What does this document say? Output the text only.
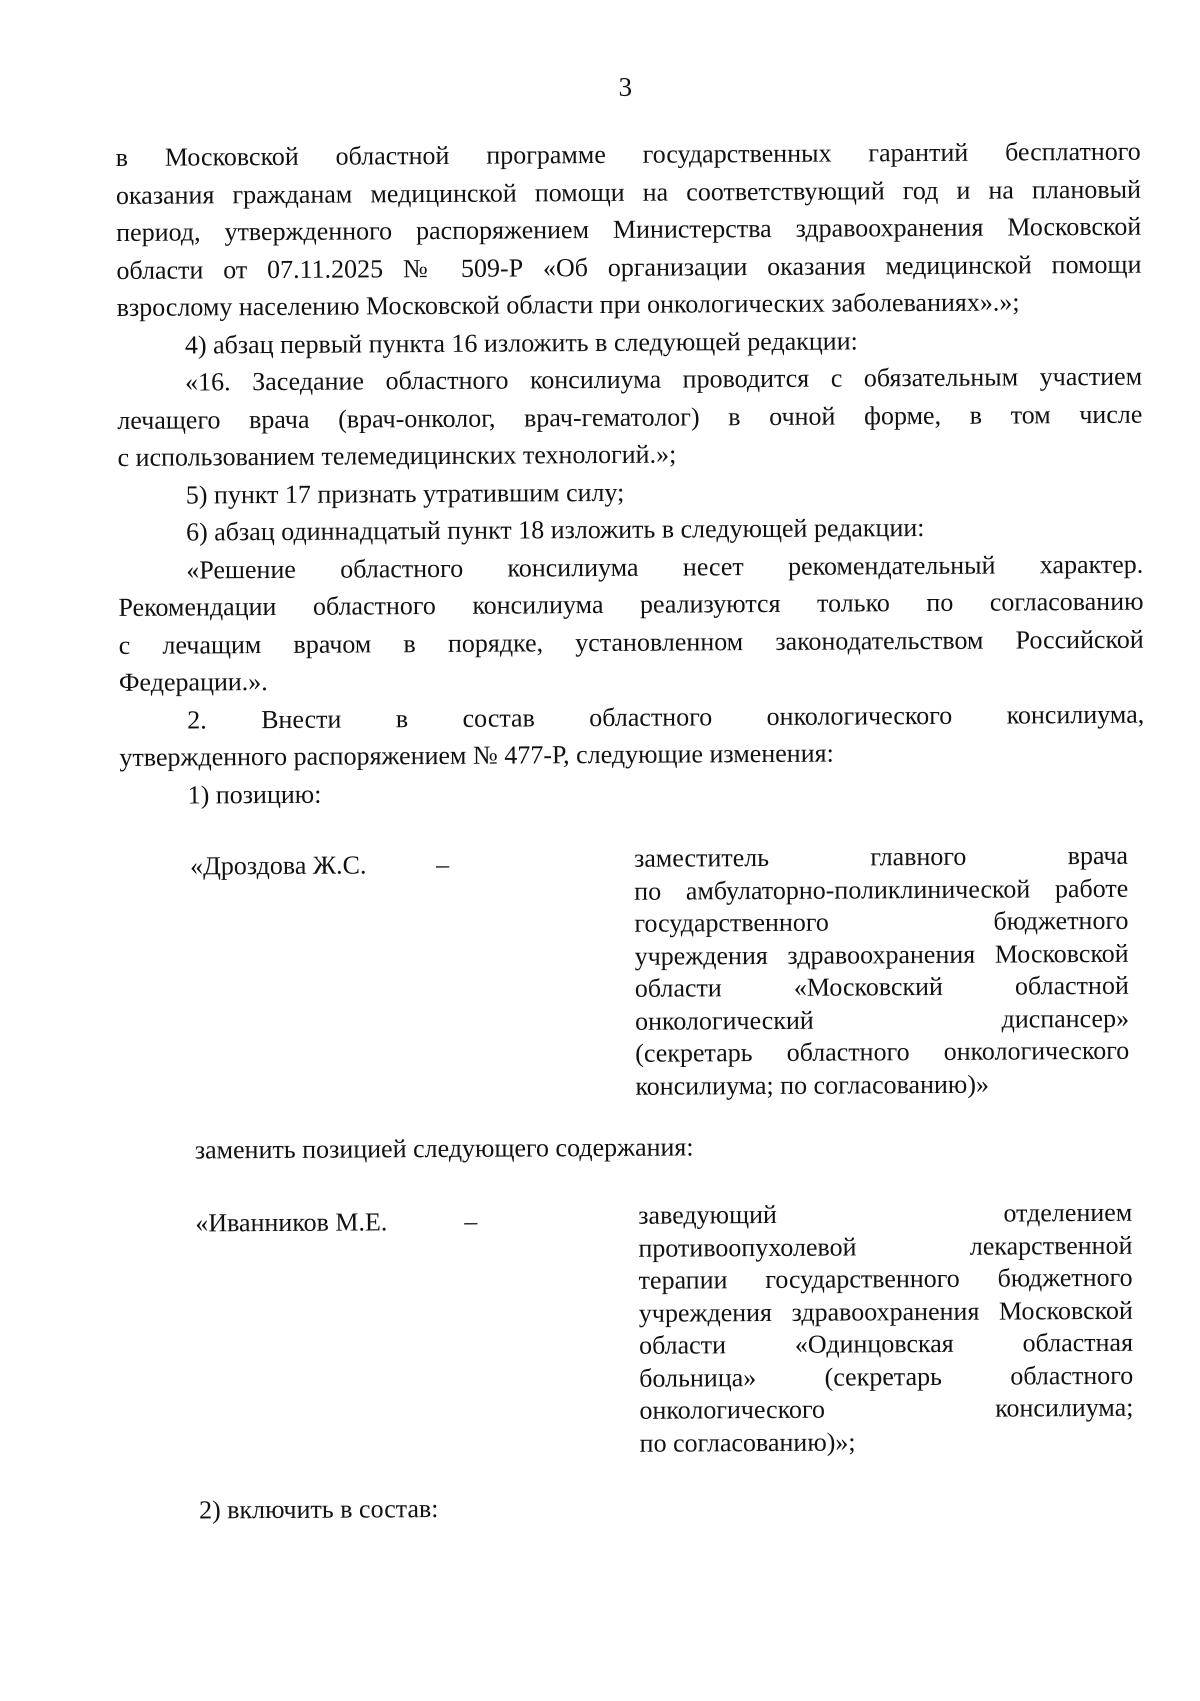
3
в Московской областной программе государственных гарантий бесплатного
оказания гражданам медицинской помощи на соответствующий год и на плановый
период, утвержденного распоряжением Министерства здравоохранения Московской
области от 07.11.2025 № 509-Р «Об организации оказания медицинской помощи
взрослому населению Московской области при онкологических заболеваниях».»;
4) абзац первый пункта 16 изложить в следующей редакции:
«16. Заседание областного консилиума проводится с обязательным участием
лечащего врача (врач-онколог, врач-гематолог) в очной форме, в том числе
с использованием телемедицинских технологий.»;
5) пункт 17 признать утратившим силу;
6) абзац одиннадцатый пункт 18 изложить в следующей редакции:
«Решение областного консилиума несет рекомендательный характер.
Рекомендации областного консилиума реализуются только по согласованию
с лечащим врачом в порядке, установленном законодательством Российской
Федерации.».
2. Внести в состав областного онкологического консилиума,
утвержденного распоряжением № 477-Р, следующие изменения:
1) позицию:
«Дроздова Ж.С.	–	заместитель главного врача
по амбулаторно-поликлинической работе
государственного бюджетного
учреждения здравоохранения Московской
области «Московский областной
онкологический диспансер»
(секретарь областного онкологического
консилиума; по согласованию)»
заменить позицией следующего содержания:
«Иванников М.Е.	–	заведующий отделением
противоопухолевой лекарственной
терапии государственного бюджетного
учреждения здравоохранения Московской
области «Одинцовская областная
больница» (секретарь областного
онкологического консилиума;
по согласованию)»;
2) включить в состав:
